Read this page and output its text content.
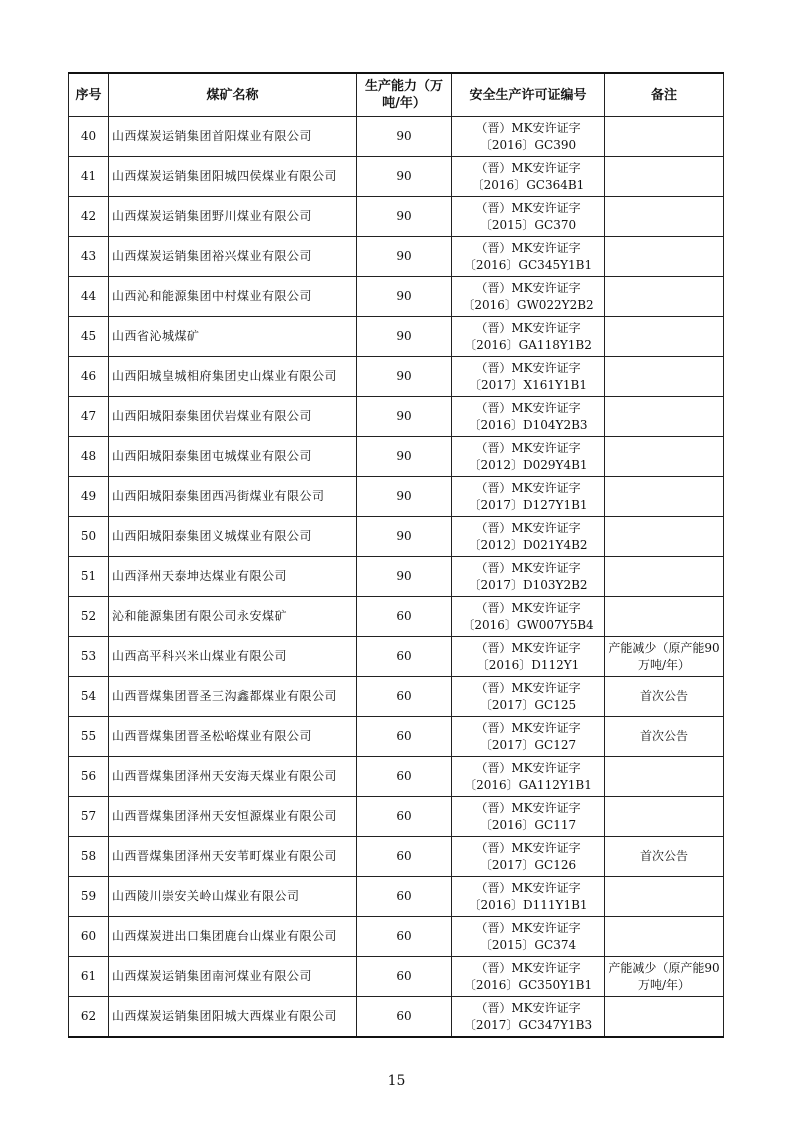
序号	煤矿名称	生产能力（万吨/年）	安全生产许可证编号	备注
40	山西煤炭运销集团首阳煤业有限公司	90	（晋）MK安许证字〔2016〕GC390	
41	山西煤炭运销集团阳城四侯煤业有限公司	90	（晋）MK安许证字〔2016〕GC364B1	
42	山西煤炭运销集团野川煤业有限公司	90	（晋）MK安许证字〔2015〕GC370	
43	山西煤炭运销集团裕兴煤业有限公司	90	（晋）MK安许证字〔2016〕GC345Y1B1	
44	山西沁和能源集团中村煤业有限公司	90	（晋）MK安许证字〔2016〕GW022Y2B2	
45	山西省沁城煤矿	90	（晋）MK安许证字〔2016〕GA118Y1B2	
46	山西阳城皇城相府集团史山煤业有限公司	90	（晋）MK安许证字〔2017〕X161Y1B1	
47	山西阳城阳泰集团伏岩煤业有限公司	90	（晋）MK安许证字〔2016〕D104Y2B3	
48	山西阳城阳泰集团屯城煤业有限公司	90	（晋）MK安许证字〔2012〕D029Y4B1	
49	山西阳城阳泰集团西冯街煤业有限公司	90	（晋）MK安许证字〔2017〕D127Y1B1	
50	山西阳城阳泰集团义城煤业有限公司	90	（晋）MK安许证字〔2012〕D021Y4B2	
51	山西泽州天泰坤达煤业有限公司	90	（晋）MK安许证字〔2017〕D103Y2B2	
52	沁和能源集团有限公司永安煤矿	60	（晋）MK安许证字〔2016〕GW007Y5B4	
53	山西高平科兴米山煤业有限公司	60	（晋）MK安许证字〔2016〕D112Y1	产能减少（原产能90万吨/年）
54	山西晋煤集团晋圣三沟鑫都煤业有限公司	60	（晋）MK安许证字〔2017〕GC125	首次公告
55	山西晋煤集团晋圣松峪煤业有限公司	60	（晋）MK安许证字〔2017〕GC127	首次公告
56	山西晋煤集团泽州天安海天煤业有限公司	60	（晋）MK安许证字〔2016〕GA112Y1B1	
57	山西晋煤集团泽州天安恒源煤业有限公司	60	（晋）MK安许证字〔2016〕GC117	
58	山西晋煤集团泽州天安苇町煤业有限公司	60	（晋）MK安许证字〔2017〕GC126	首次公告
59	山西陵川崇安关岭山煤业有限公司	60	（晋）MK安许证字〔2016〕D111Y1B1	
60	山西煤炭进出口集团鹿台山煤业有限公司	60	（晋）MK安许证字〔2015〕GC374	
61	山西煤炭运销集团南河煤业有限公司	60	（晋）MK安许证字〔2016〕GC350Y1B1	产能减少（原产能90万吨/年）
62	山西煤炭运销集团阳城大西煤业有限公司	60	（晋）MK安许证字〔2017〕GC347Y1B3	
15
